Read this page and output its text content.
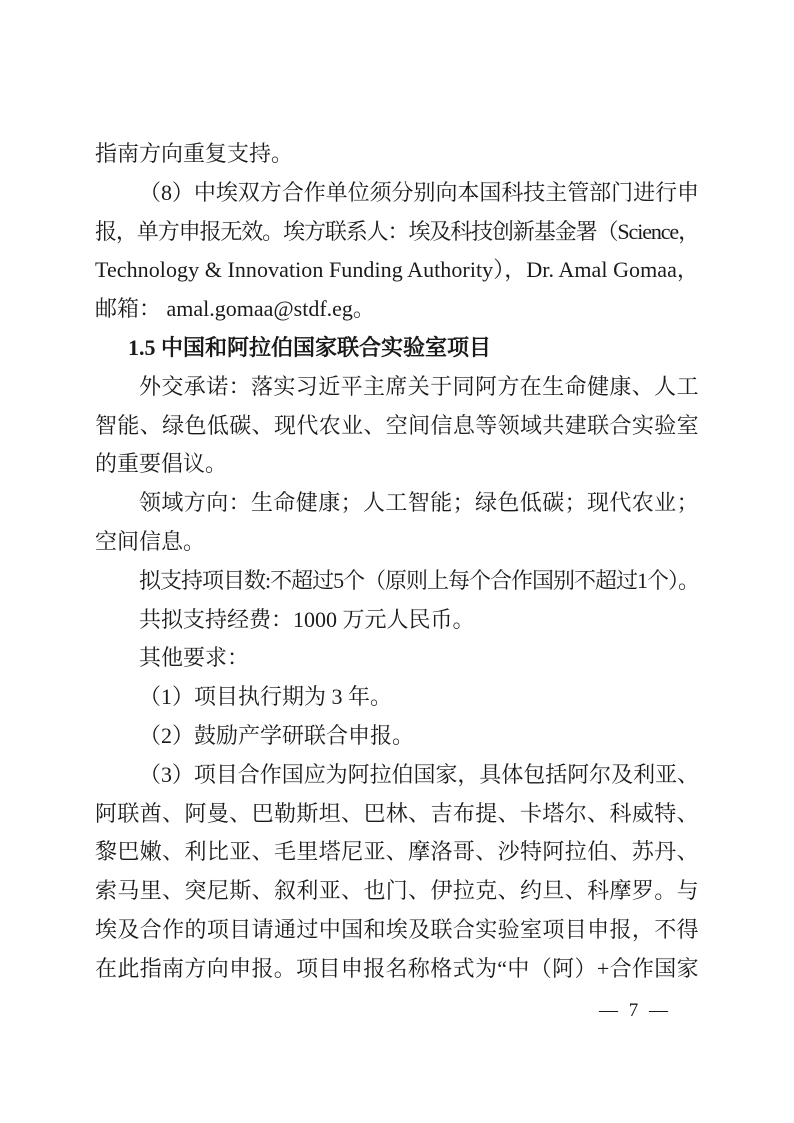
指南方向重复支持。
（8）中埃双方合作单位须分别向本国科技主管部门进行申
报，单方申报无效。埃方联系人：埃及科技创新基金署（Science，
Technology & Innovation Funding Authority），Dr. Amal Gomaa，
邮箱： amal.gomaa@stdf.eg。
1.5 中国和阿拉伯国家联合实验室项目
外交承诺：落实习近平主席关于同阿方在生命健康、人工
智能、绿色低碳、现代农业、空间信息等领域共建联合实验室
的重要倡议。
领域方向：生命健康；人工智能；绿色低碳；现代农业；
空间信息。
拟支持项目数:不超过5个（原则上每个合作国别不超过1个）。
共拟支持经费：1000 万元人民币。
其他要求：
（1）项目执行期为 3 年。
（2）鼓励产学研联合申报。
（3）项目合作国应为阿拉伯国家，具体包括阿尔及利亚、
阿联酋、阿曼、巴勒斯坦、巴林、吉布提、卡塔尔、科威特、
黎巴嫩、利比亚、毛里塔尼亚、摩洛哥、沙特阿拉伯、苏丹、
索马里、突尼斯、叙利亚、也门、伊拉克、约旦、科摩罗。与
埃及合作的项目请通过中国和埃及联合实验室项目申报，不得
在此指南方向申报。项目申报名称格式为“中（阿）+合作国家
— 7 —
